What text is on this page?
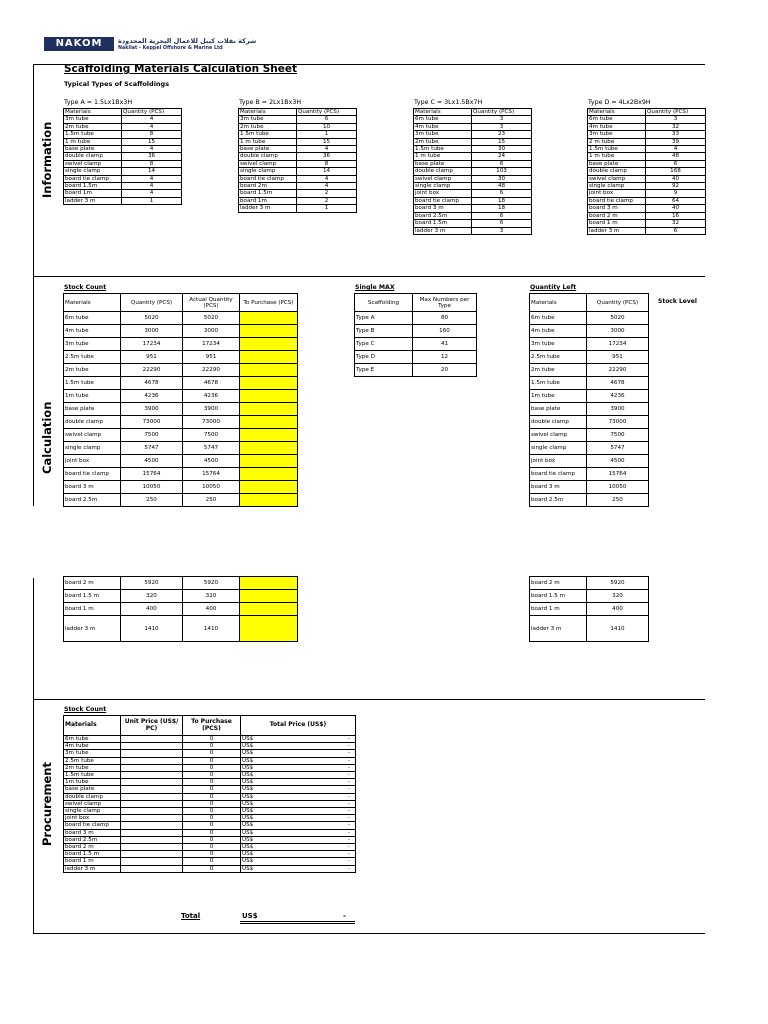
NAKOM	شركة نقلات كيبل للاعمال البحرية المحدودة
Nakilat - Keppel Offshore & Marine Ltd
Information
Calculation
Procurement
Scaffolding Materials Calculation Sheet
Typical Types of Scaffoldings
Type A = 1.5Lx1Bx3H	Type B = 2Lx1Bx3H	Type C = 3Lx1.5Bx7H	Type D = 4Lx2Bx9H
Materials	Quantity (PCS)
3m tube	4
2m tube	4
1.5m tube	8
1 m tube	15
base plate	4
double clamp	36
swivel clamp	8
single clamp	14
board tie clamp	4
board 1.5m	4
board 1m	4
ladder 3 m	1
Materials	Quantity (PCS)
3m tube	6
2m tube	10
1.5m tube	1
1 m tube	15
base plate	4
double clamp	36
swivel clamp	8
single clamp	14
board tie clamp	4
board 2m	4
board 1.5m	2
board 1m	2
ladder 3 m	1
Materials	Quantity (PCS)
6m tube	3
4m tube	3
3m tube	23
2m tube	15
1.5m tube	30
1 m tube	24
base plate	6
double clamp	103
swivel clamp	30
single clamp	48
joint box	6
board tie clamp	18
board 3 m	18
board 2.5m	6
board 1.5m	6
ladder 3 m	3
Materials	Quantity (PCS)
6m tube	3
4m tube	32
3m tube	33
2 m tube	39
1.5m tube	4
1 m tube	48
base plate	6
double clamp	168
swivel clamp	40
single clamp	92
joint box	9
board tie clamp	64
board 3 m	40
board 2 m	16
board 1 m	32
ladder 3 m	6
Stock Count	Single MAX	Quantity Left
Materials	Quantity (PCS)	Actual Quantity (PCS)	To Purchase (PCS)
6m tube	5020	5020	
4m tube	3000	3000	
3m tube	17234	17234	
2.5m tube	951	951	
2m tube	22290	22290	
1.5m tube	4678	4678	
1m tube	4236	4236	
base plate	3900	3900	
double clamp	73000	73000	
swivel clamp	7500	7500	
single clamp	5747	5747	
joint box	4500	4500	
board tie clamp	15764	15764	
board 3 m	10050	10050	
board 2.5m	250	250	
board 2 m	5920	5920	
board 1.5 m	320	320	
board 1 m	400	400	
ladder 3 m	1410	1410	
Scaffolding	Max Numbers per Type
Type A	80
Type B	160
Type C	41
Type D	12
Type E	20
Materials	Quantity (PCS)
6m tube	5020
4m tube	3000
3m tube	17234
2.5m tube	951
2m tube	22290
1.5m tube	4678
1m tube	4236
base plate	3900
double clamp	73000
swivel clamp	7500
single clamp	5747
joint box	4500
board tie clamp	15764
board 3 m	10050
board 2.5m	250
Stock Level
board 2 m	5920
board 1.5 m	320
board 1 m	400
ladder 3 m	1410
Stock Count
Materials	Unit Price (US$/ PC)	To Purchase (PCS)	Total Price (US$)
6m tube		0	US$ -

4m tube		0	US$ -

3m tube		0	US$ -

2.5m tube		0	US$ -

2m tube		0	US$ -

1.5m tube		0	US$ -

1m tube		0	US$ -

base plate		0	US$ -

double clamp		0	US$ -

swivel clamp		0	US$ -

single clamp		0	US$ -

joint box		0	US$ -

board tie clamp		0	US$ -

board 3 m		0	US$ -

board 2.5m		0	US$ -

board 2 m		0	US$ -

board 1.5 m		0	US$ -

board 1 m		0	US$ -

ladder 3 m		0	US$ -
Total	US$	-
